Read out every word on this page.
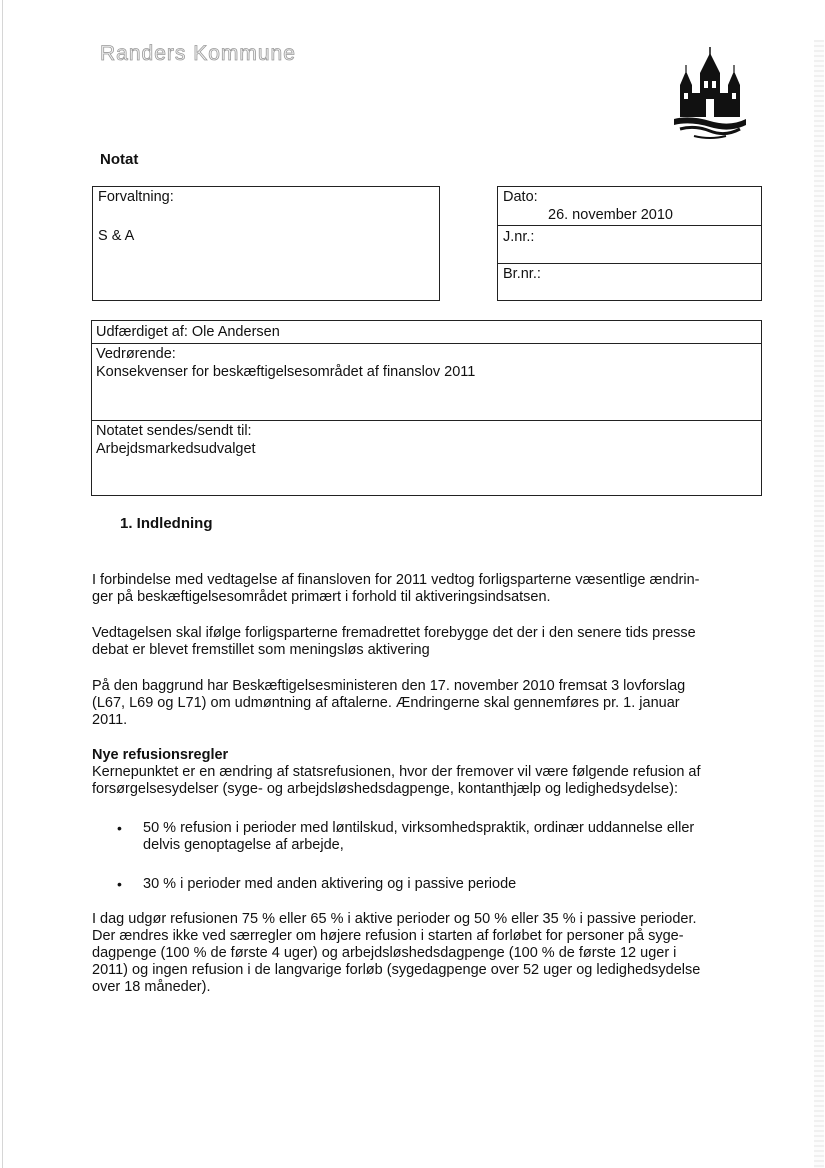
Randers Kommune
Notat
Forvaltning:
S & A
Dato:
26. november 2010
J.nr.:
Br.nr.:
Udfærdiget af: Ole Andersen
Vedrørende:
Konsekvenser for beskæftigelsesområdet af finanslov 2011
Notatet sendes/sendt til:
Arbejdsmarkedsudvalget
1. Indledning
I forbindelse med vedtagelse af finansloven for 2011 vedtog forligsparterne væsentlige ændrin-
ger på beskæftigelsesområdet primært i forhold til aktiveringsindsatsen.
Vedtagelsen skal ifølge forligsparterne fremadrettet forebygge det der i den senere tids presse
debat er blevet fremstillet som meningsløs aktivering
På den baggrund har Beskæftigelsesministeren den 17. november 2010 fremsat 3 lovforslag
(L67, L69 og L71) om udmøntning af aftalerne. Ændringerne skal gennemføres pr. 1. januar
2011.
Nye refusionsregler
Kernepunktet er en ændring af statsrefusionen, hvor der fremover vil være følgende refusion af
forsørgelsesydelser (syge- og arbejdsløshedsdagpenge, kontanthjælp og ledighedsydelse):
• 50 % refusion i perioder med løntilskud, virksomhedspraktik, ordinær uddannelse eller
delvis genoptagelse af arbejde,
• 30 % i perioder med anden aktivering og i passive periode
I dag udgør refusionen 75 % eller 65 % i aktive perioder og 50 % eller 35 % i passive perioder.
Der ændres ikke ved særregler om højere refusion i starten af forløbet for personer på syge-
dagpenge (100 % de første 4 uger) og arbejdsløshedsdagpenge (100 % de første 12 uger i
2011) og ingen refusion i de langvarige forløb (sygedagpenge over 52 uger og ledighedsydelse
over 18 måneder).
